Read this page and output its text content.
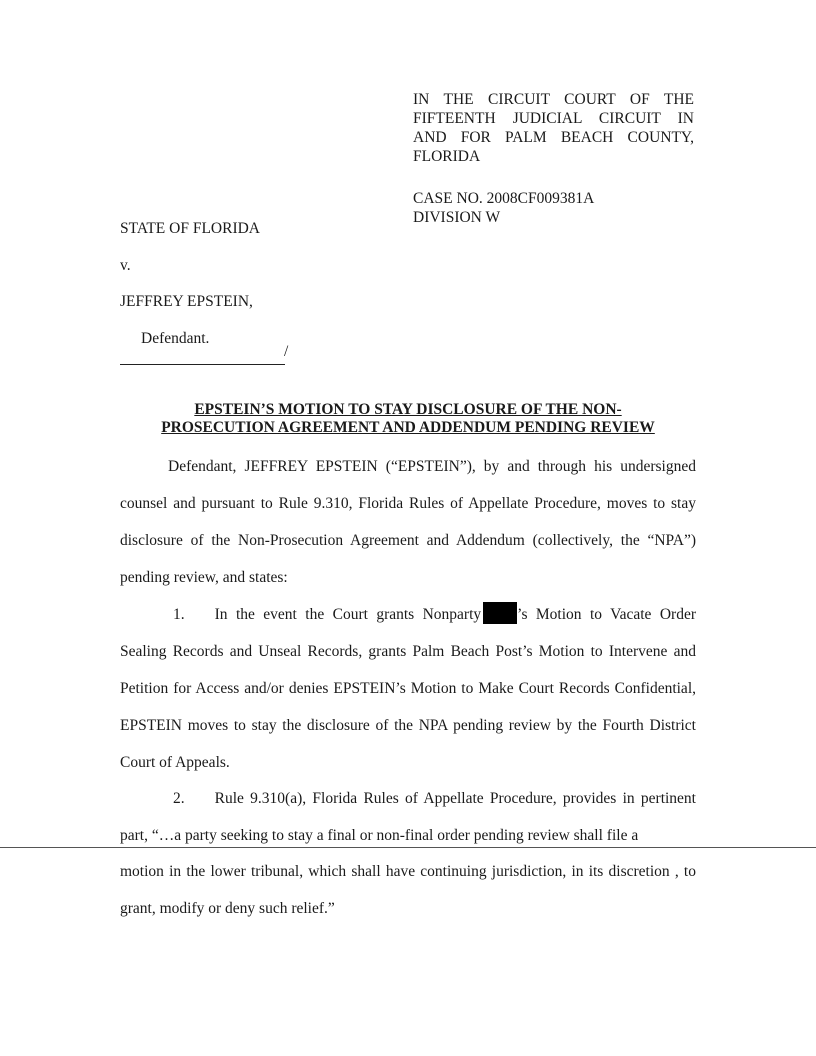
IN THE CIRCUIT COURT OF THE
FIFTEENTH JUDICIAL CIRCUIT IN
AND FOR PALM BEACH COUNTY,
FLORIDA
CASE NO. 2008CF009381A
DIVISION W
STATE OF FLORIDA
v.
JEFFREY EPSTEIN,
Defendant.
/
EPSTEIN’S MOTION TO STAY DISCLOSURE OF THE NON-
PROSECUTION AGREEMENT AND ADDENDUM PENDING REVIEW

Defendant, JEFFREY EPSTEIN (“EPSTEIN”), by and through his undersigned counsel and pursuant to Rule 9.310, Florida Rules of Appellate Procedure, moves to stay disclosure of the Non-Prosecution Agreement and Addendum (collectively, the “NPA”) pending review, and states:

1. In the event the Court grants Nonparty ’s Motion to Vacate Order Sealing Records and Unseal Records, grants Palm Beach Post’s Motion to Intervene and Petition for Access and/or denies EPSTEIN’s Motion to Make Court Records Confidential, EPSTEIN moves to stay the disclosure of the NPA pending review by the Fourth District Court of Appeals.

2. Rule 9.310(a), Florida Rules of Appellate Procedure, provides in pertinent part, “…a party seeking to stay a final or non-final order pending review shall file a

motion in the lower tribunal, which shall have continuing jurisdiction, in its discretion , to grant, modify or deny such relief.”
